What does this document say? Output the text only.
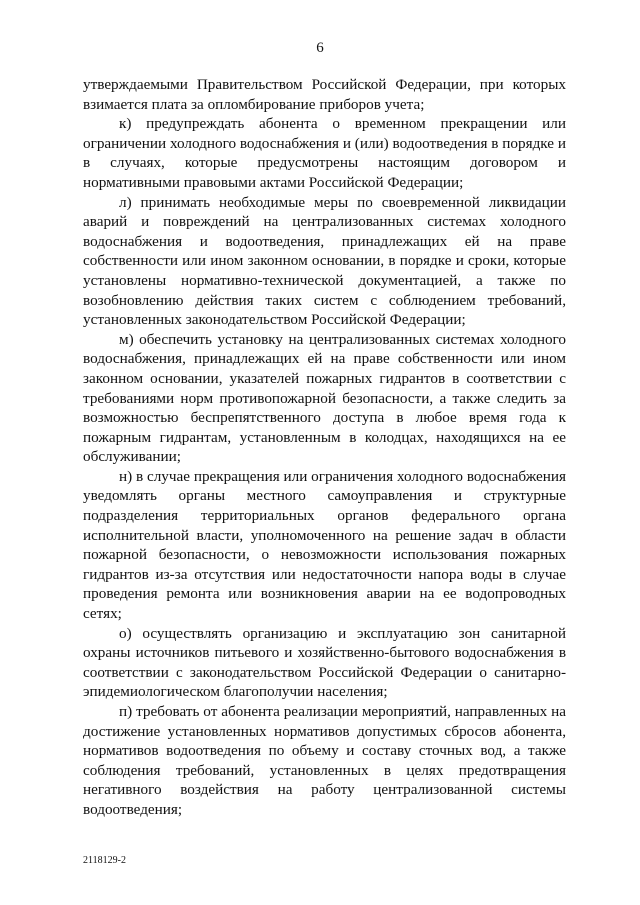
6

утверждаемыми Правительством Российской Федерации, при которых взимается плата за опломбирование приборов учета;

к) предупреждать абонента о временном прекращении или ограничении холодного водоснабжения и (или) водоотведения в порядке и в случаях, которые предусмотрены настоящим договором и нормативными правовыми актами Российской Федерации;

л) принимать необходимые меры по своевременной ликвидации аварий и повреждений на централизованных системах холодного водоснабжения и водоотведения, принадлежащих ей на праве собственности или ином законном основании, в порядке и сроки, которые установлены нормативно-технической документацией, а также по возобновлению действия таких систем с соблюдением требований, установленных законодательством Российской Федерации;

м) обеспечить установку на централизованных системах холодного водоснабжения, принадлежащих ей на праве собственности или ином законном основании, указателей пожарных гидрантов в соответствии с требованиями норм противопожарной безопасности, а также следить за возможностью беспрепятственного доступа в любое время года к пожарным гидрантам, установленным в колодцах, находящихся на ее обслуживании;

н) в случае прекращения или ограничения холодного водоснабжения уведомлять органы местного самоуправления и структурные подразделения территориальных органов федерального органа исполнительной власти, уполномоченного на решение задач в области пожарной безопасности, о невозможности использования пожарных гидрантов из-за отсутствия или недостаточности напора воды в случае проведения ремонта или возникновения аварии на ее водопроводных сетях;

о) осуществлять организацию и эксплуатацию зон санитарной охраны источников питьевого и хозяйственно-бытового водоснабжения в соответствии с законодательством Российской Федерации о санитарно-эпидемиологическом благополучии населения;

п) требовать от абонента реализации мероприятий, направленных на достижение установленных нормативов допустимых сбросов абонента, нормативов водоотведения по объему и составу сточных вод, а также соблюдения требований, установленных в целях предотвращения негативного воздействия на работу централизованной системы водоотведения;

2118129-2
